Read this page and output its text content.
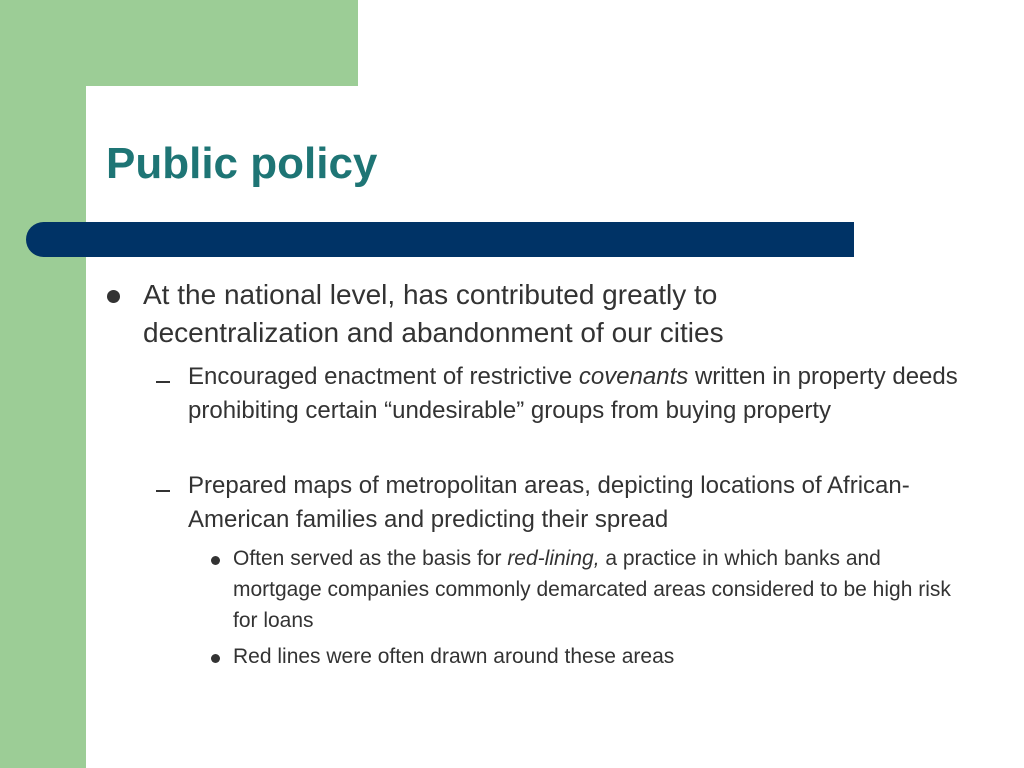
Public policy
At the national level, has contributed greatly to decentralization and abandonment of our cities
Encouraged enactment of restrictive covenants written in property deeds prohibiting certain “undesirable” groups from buying property
Prepared maps of metropolitan areas, depicting locations of African- American families and predicting their spread
Often served as the basis for red-lining, a practice in which banks and mortgage companies commonly demarcated areas considered to be high risk for loans
Red lines were often drawn around these areas
